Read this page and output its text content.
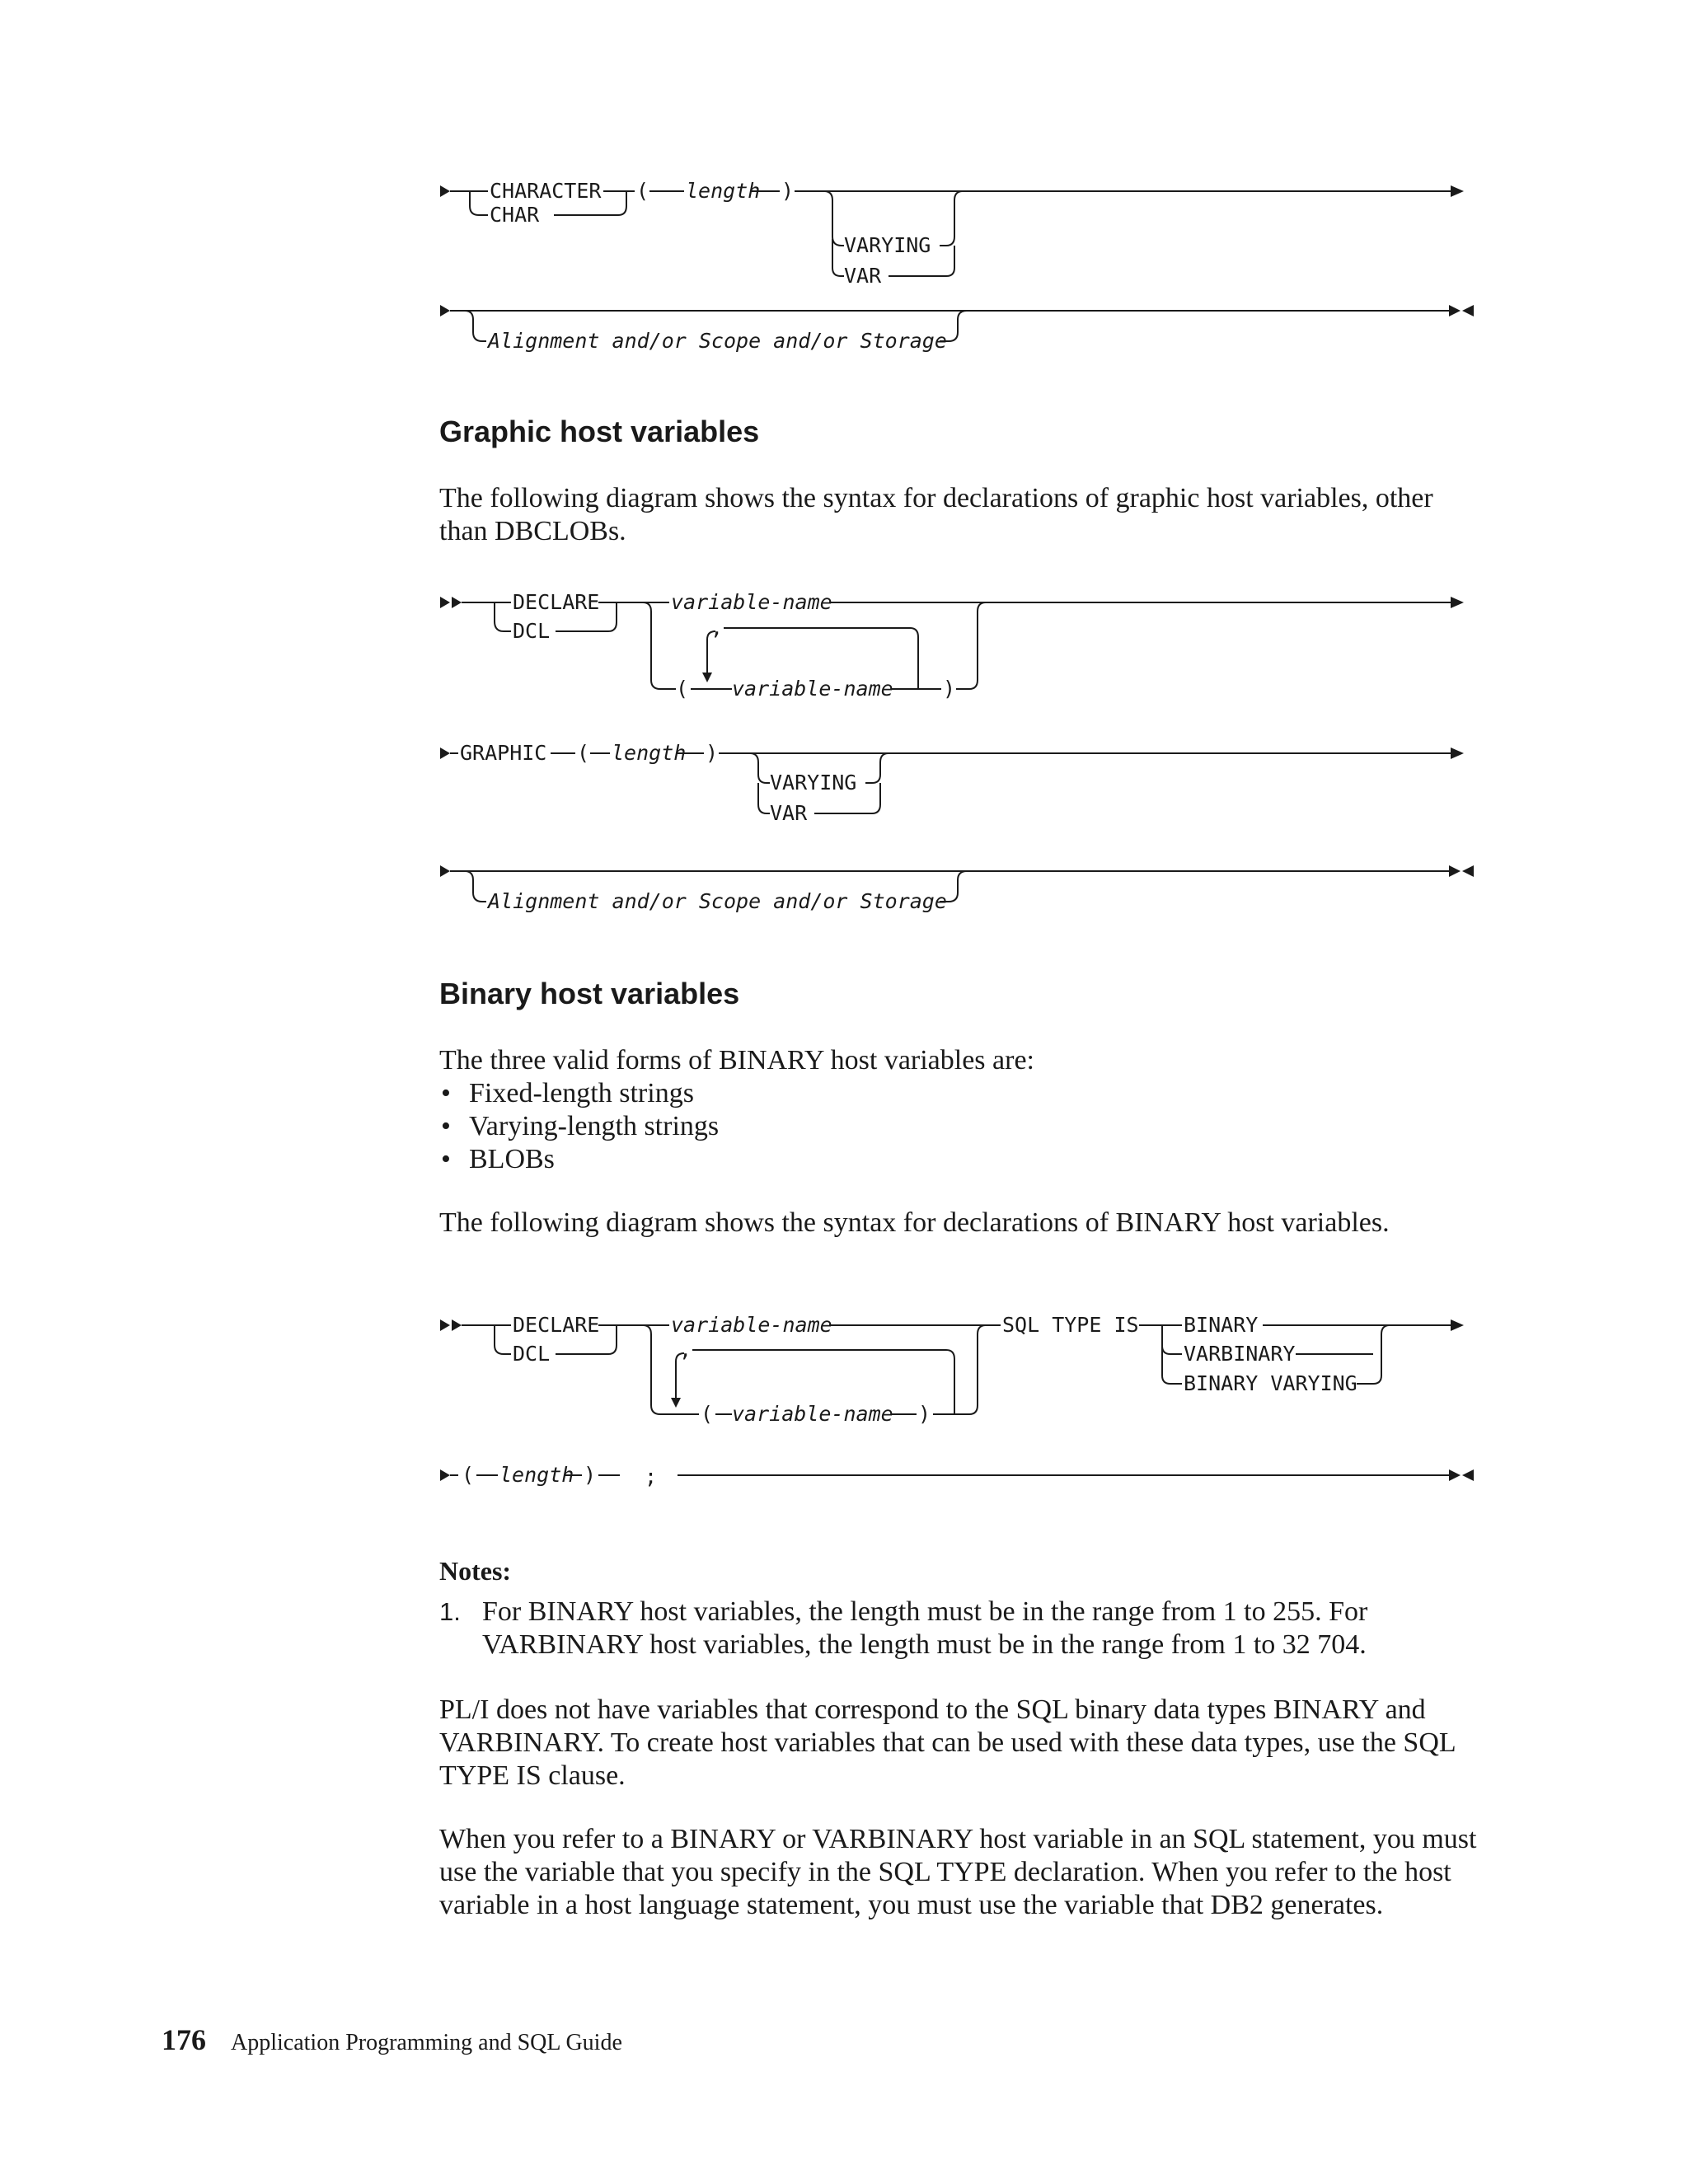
CHARACTER
CHAR
( length )
VARYING
VAR
Alignment and/or Scope and/or Storage
Graphic host variables

The following diagram shows the syntax for declarations of graphic host variables, other than DBCLOBs.

DECLARE
DCL
variable-name
,
( variable-name )
GRAPHIC ( length )
VARYING
VAR
Alignment and/or Scope and/or Storage
Binary host variables

The three valid forms of BINARY host variables are:

• Fixed-length strings
• Varying-length strings
• BLOBs

The following diagram shows the syntax for declarations of BINARY host variables.

DECLARE
DCL
variable-name
,
( variable-name )
SQL TYPE IS BINARY
VARBINARY
BINARY VARYING
( length ) ;
Notes:
1. For BINARY host variables, the length must be in the range from 1 to 255. For VARBINARY host variables, the length must be in the range from 1 to 32 704.

PL/I does not have variables that correspond to the SQL binary data types BINARY and VARBINARY. To create host variables that can be used with these data types, use the SQL TYPE IS clause.

When you refer to a BINARY or VARBINARY host variable in an SQL statement, you must use the variable that you specify in the SQL TYPE declaration. When you refer to the host variable in a host language statement, you must use the variable that DB2 generates.

176 Application Programming and SQL Guide
